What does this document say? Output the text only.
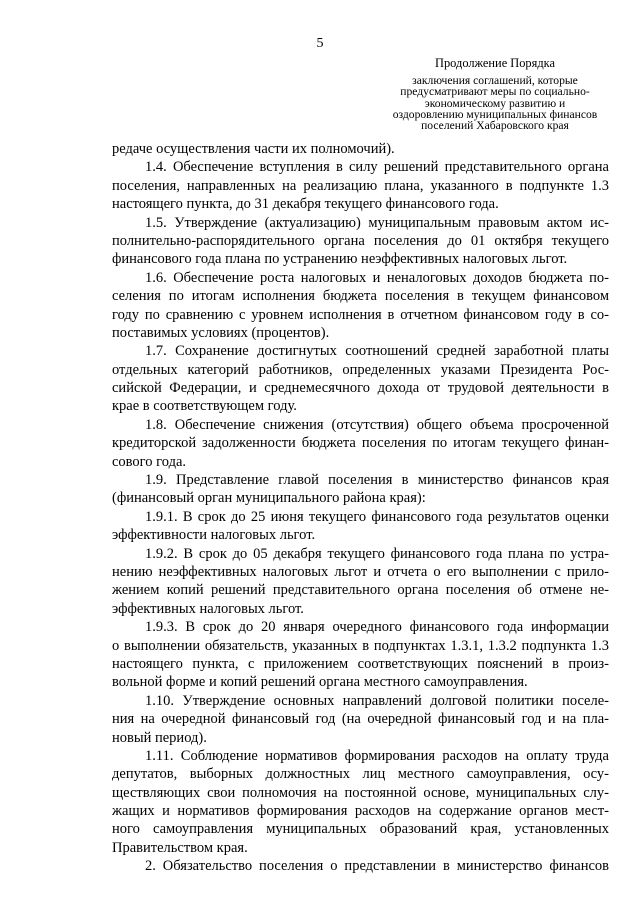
5
Продолжение Порядка
заключения соглашений, которые
предусматривают меры по социально-
экономическому развитию и
оздоровлению муниципальных финансов
поселений Хабаровского края
редаче осуществления части их полномочий).
1.4. Обеспечение вступления в силу решений представительного органа
поселения, направленных на реализацию плана, указанного в подпункте 1.3
настоящего пункта, до 31 декабря текущего финансового года.
1.5. Утверждение (актуализацию) муниципальным правовым актом ис-
полнительно-распорядительного органа поселения до 01 октября текущего
финансового года плана по устранению неэффективных налоговых льгот.
1.6. Обеспечение роста налоговых и неналоговых доходов бюджета по-
селения по итогам исполнения бюджета поселения в текущем финансовом
году по сравнению с уровнем исполнения в отчетном финансовом году в со-
поставимых условиях (процентов).
1.7. Сохранение достигнутых соотношений средней заработной платы
отдельных категорий работников, определенных указами Президента Рос-
сийской Федерации, и среднемесячного дохода от трудовой деятельности в
крае в соответствующем году.
1.8. Обеспечение снижения (отсутствия) общего объема просроченной
кредиторской задолженности бюджета поселения по итогам текущего финан-
сового года.
1.9. Представление главой поселения в министерство финансов края
(финансовый орган муниципального района края):
1.9.1. В срок до 25 июня текущего финансового года результатов оценки
эффективности налоговых льгот.
1.9.2. В срок до 05 декабря текущего финансового года плана по устра-
нению неэффективных налоговых льгот и отчета о его выполнении с прило-
жением копий решений представительного органа поселения об отмене не-
эффективных налоговых льгот.
1.9.3. В срок до 20 января очередного финансового года информации
о выполнении обязательств, указанных в подпунктах 1.3.1, 1.3.2 подпункта 1.3
настоящего пункта, с приложением соответствующих пояснений в произ-
вольной форме и копий решений органа местного самоуправления.
1.10. Утверждение основных направлений долговой политики поселе-
ния на очередной финансовый год (на очередной финансовый год и на пла-
новый период).
1.11. Соблюдение нормативов формирования расходов на оплату труда
депутатов, выборных должностных лиц местного самоуправления, осу-
ществляющих свои полномочия на постоянной основе, муниципальных слу-
жащих и нормативов формирования расходов на содержание органов мест-
ного самоуправления муниципальных образований края, установленных
Правительством края.
2. Обязательство поселения о представлении в министерство финансов
